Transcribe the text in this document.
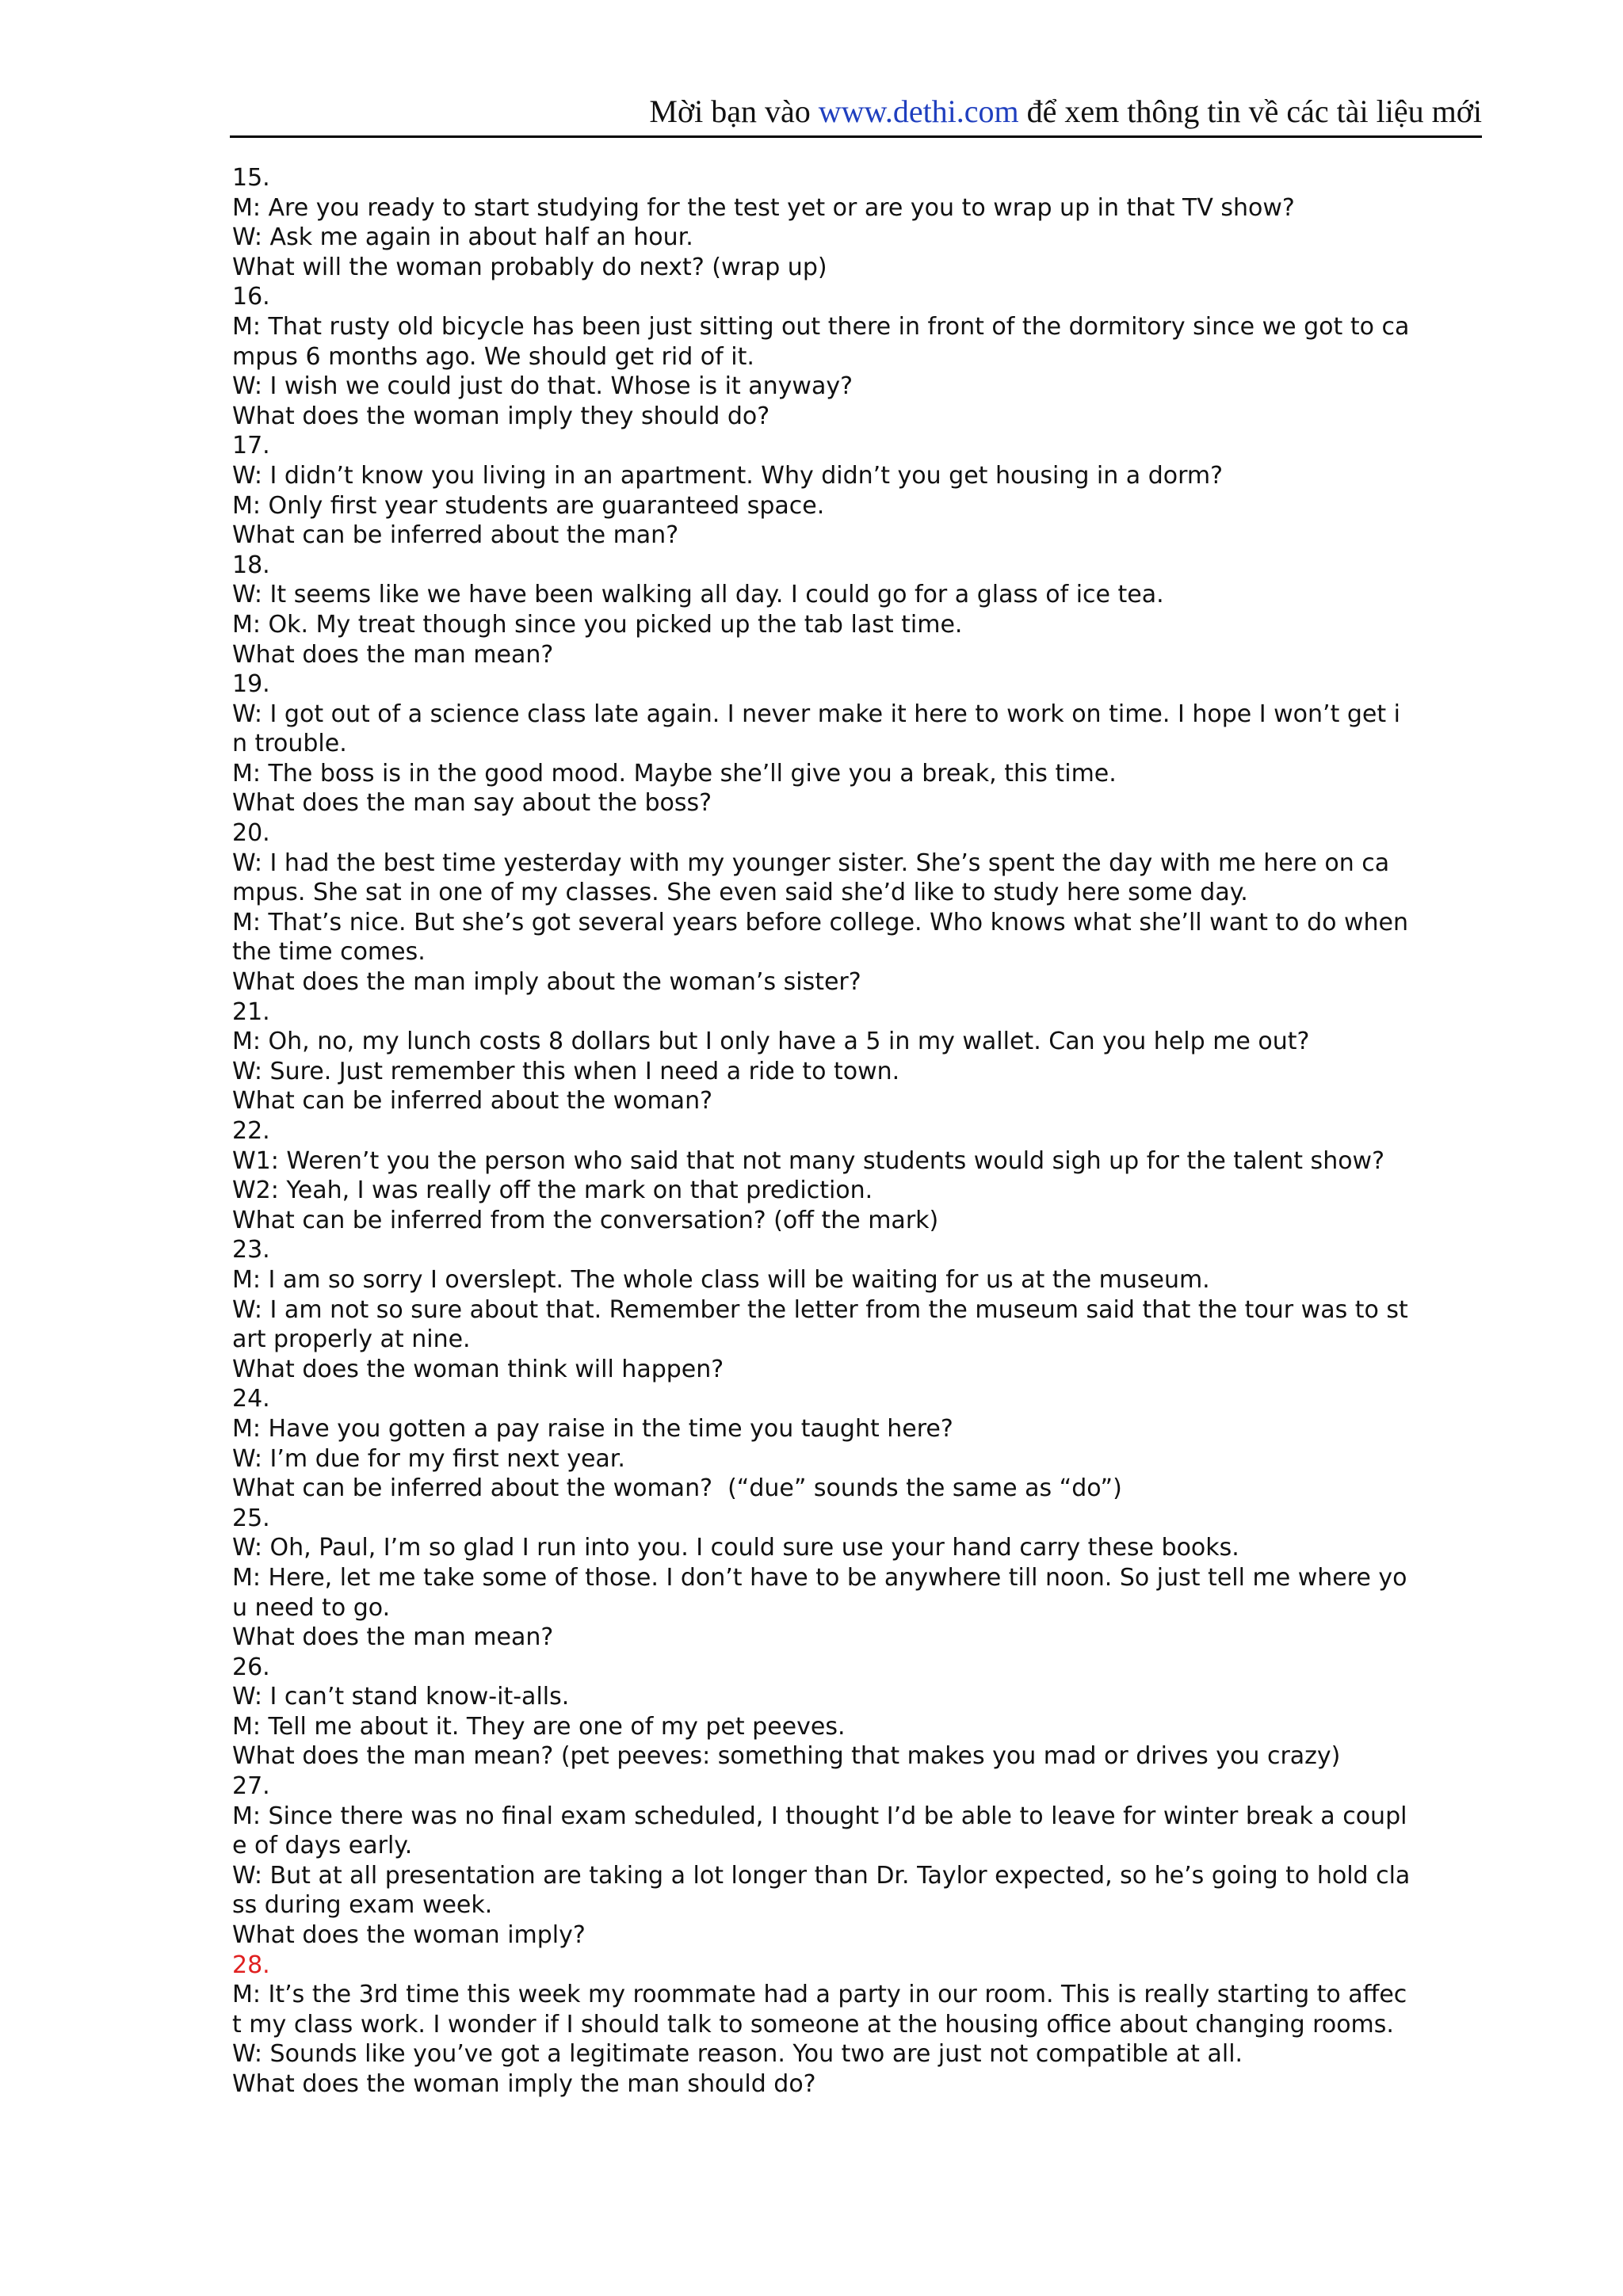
Mời bạn vào www.dethi.com để xem thông tin về các tài liệu mới
15.
M: Are you ready to start studying for the test yet or are you to wrap up in that TV show?
W: Ask me again in about half an hour.
What will the woman probably do next? (wrap up)
16.
M: That rusty old bicycle has been just sitting out there in front of the dormitory since we got to ca
mpus 6 months ago. We should get rid of it.
W: I wish we could just do that. Whose is it anyway?
What does the woman imply they should do?
17.
W: I didn’t know you living in an apartment. Why didn’t you get housing in a dorm?
M: Only first year students are guaranteed space.
What can be inferred about the man?
18.
W: It seems like we have been walking all day. I could go for a glass of ice tea.
M: Ok. My treat though since you picked up the tab last time.
What does the man mean?
19.
W: I got out of a science class late again. I never make it here to work on time. I hope I won’t get i
n trouble.
M: The boss is in the good mood. Maybe she’ll give you a break, this time.
What does the man say about the boss?
20.
W: I had the best time yesterday with my younger sister. She’s spent the day with me here on ca
mpus. She sat in one of my classes. She even said she’d like to study here some day.
M: That’s nice. But she’s got several years before college. Who knows what she’ll want to do when
the time comes.
What does the man imply about the woman’s sister?
21.
M: Oh, no, my lunch costs 8 dollars but I only have a 5 in my wallet. Can you help me out?
W: Sure. Just remember this when I need a ride to town.
What can be inferred about the woman?
22.
W1: Weren’t you the person who said that not many students would sigh up for the talent show?
W2: Yeah, I was really off the mark on that prediction.
What can be inferred from the conversation? (off the mark)
23.
M: I am so sorry I overslept. The whole class will be waiting for us at the museum.
W: I am not so sure about that. Remember the letter from the museum said that the tour was to st
art properly at nine.
What does the woman think will happen?
24.
M: Have you gotten a pay raise in the time you taught here?
W: I’m due for my first next year.
What can be inferred about the woman?  (“due” sounds the same as “do”)
25.
W: Oh, Paul, I’m so glad I run into you. I could sure use your hand carry these books.
M: Here, let me take some of those. I don’t have to be anywhere till noon. So just tell me where yo
u need to go.
What does the man mean?
26.
W: I can’t stand know-it-alls.
M: Tell me about it. They are one of my pet peeves.
What does the man mean? (pet peeves: something that makes you mad or drives you crazy)
27.
M: Since there was no final exam scheduled, I thought I’d be able to leave for winter break a coupl
e of days early.
W: But at all presentation are taking a lot longer than Dr. Taylor expected, so he’s going to hold cla
ss during exam week.
What does the woman imply?
28.
M: It’s the 3rd time this week my roommate had a party in our room. This is really starting to affec
t my class work. I wonder if I should talk to someone at the housing office about changing rooms.
W: Sounds like you’ve got a legitimate reason. You two are just not compatible at all.
What does the woman imply the man should do?
